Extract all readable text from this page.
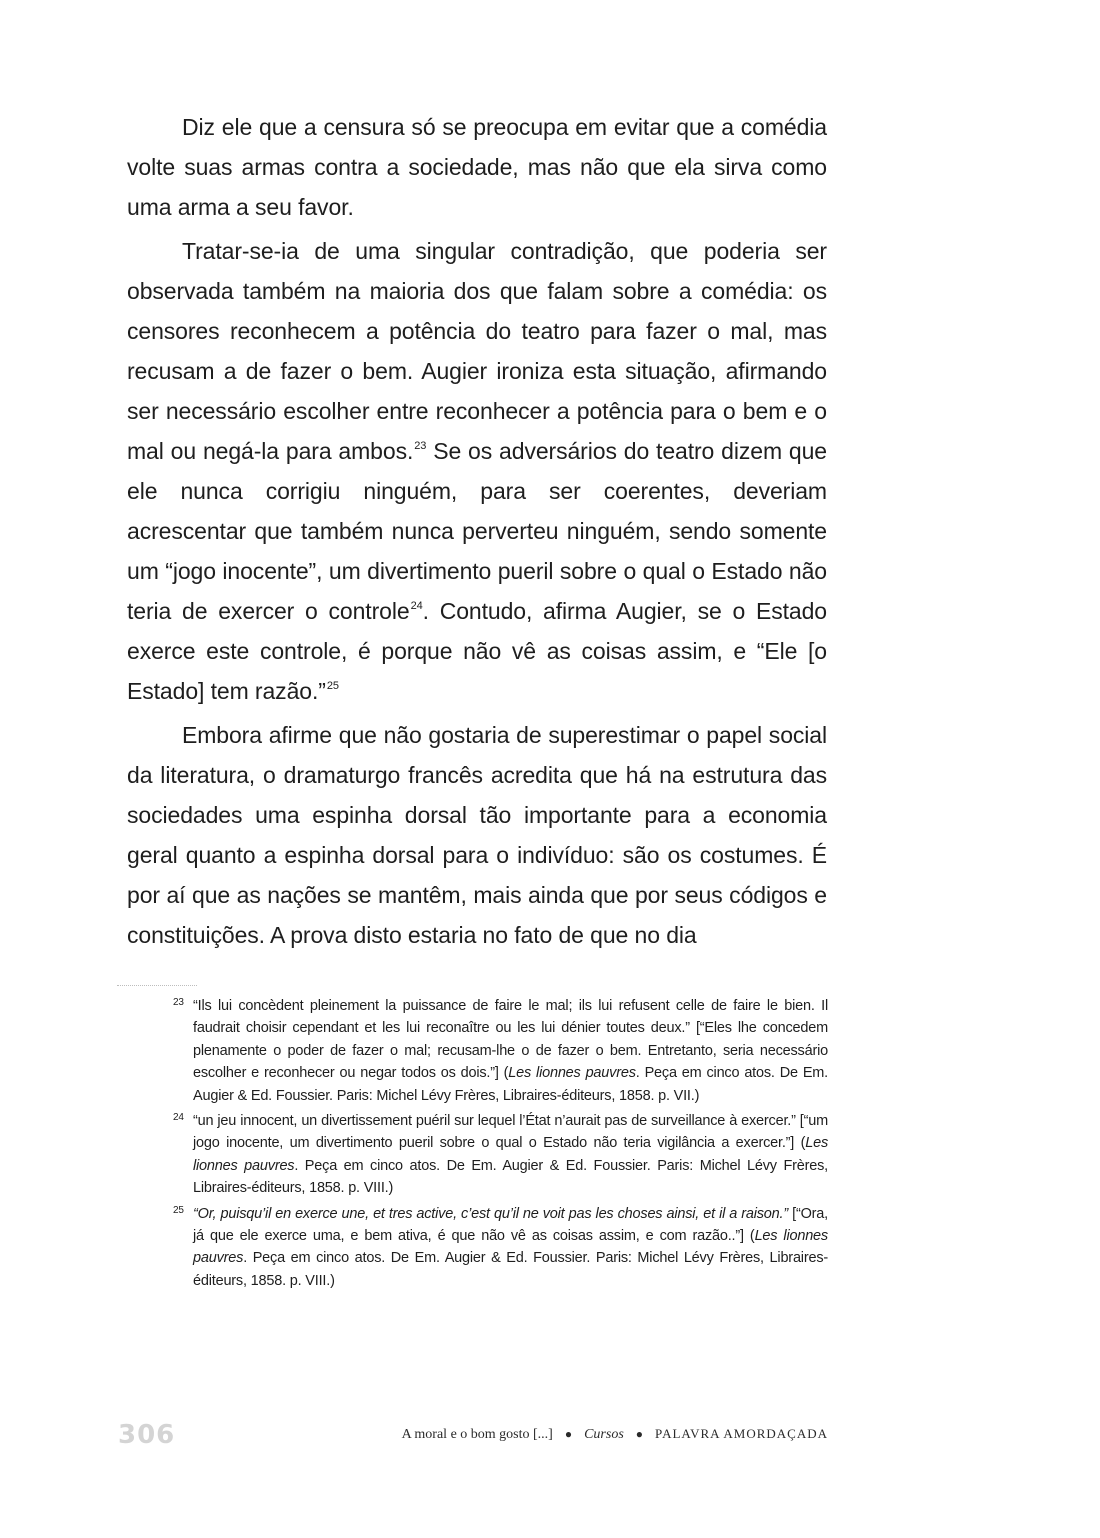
Diz ele que a censura só se preocupa em evitar que a comédia volte suas armas contra a sociedade, mas não que ela sirva como uma arma a seu favor.

Tratar-se-ia de uma singular contradição, que poderia ser observada também na maioria dos que falam sobre a comédia: os censores reconhecem a potência do teatro para fazer o mal, mas recusam a de fazer o bem. Augier ironiza esta situação, afirmando ser necessário escolher entre reconhecer a potência para o bem e o mal ou negá-la para ambos.$^{23}$ Se os adversários do teatro dizem que ele nunca corrigiu ninguém, para ser coerentes, deveriam acrescentar que também nunca perverteu ninguém, sendo somente um “jogo inocente”, um divertimento pueril sobre o qual o Estado não teria de exercer o controle$^{24}$. Contudo, afirma Augier, se o Estado exerce este controle, é porque não vê as coisas assim, e “Ele [o Estado] tem razão.”$^{25}$

Embora afirme que não gostaria de superestimar o papel social da literatura, o dramaturgo francês acredita que há na estrutura das sociedades uma espinha dorsal tão importante para a economia geral quanto a espinha dorsal para o indivíduo: são os costumes. É por aí que as nações se mantêm, mais ainda que por seus códigos e constituições. A prova disto estaria no fato de que no dia

23 “Ils lui concèdent pleinement la puissance de faire le mal; ils lui refusent celle de faire le bien. Il faudrait choisir cependant et les lui reconaître ou les lui dénier toutes deux.” [“Eles lhe concedem plenamente o poder de fazer o mal; recusam-lhe o de fazer o bem. Entretanto, seria necessário escolher e reconhecer ou negar todos os dois.”] (Les lionnes pauvres. Peça em cinco atos. De Em. Augier & Ed. Foussier. Paris: Michel Lévy Frères, Libraires-éditeurs, 1858. p. VII.)

24 “un jeu innocent, un divertissement puéril sur lequel l’État n’aurait pas de surveillance à exercer.” [“um jogo inocente, um divertimento pueril sobre o qual o Estado não teria vigilância a exercer.”] (Les lionnes pauvres. Peça em cinco atos. De Em. Augier & Ed. Foussier. Paris: Michel Lévy Frères, Libraires-éditeurs, 1858. p. VIII.)

25 “Or, puisqu’il en exerce une, et tres active, c’est qu’il ne voit pas les choses ainsi, et il a raison.” [“Ora, já que ele exerce uma, e bem ativa, é que não vê as coisas assim, e com razão..”] (Les lionnes pauvres. Peça em cinco atos. De Em. Augier & Ed. Foussier. Paris: Michel Lévy Frères, Libraires-éditeurs, 1858. p. VIII.)

306	A moral e o bom gosto [...] ● Cursos ● PALAVRA AMORDAÇADA
